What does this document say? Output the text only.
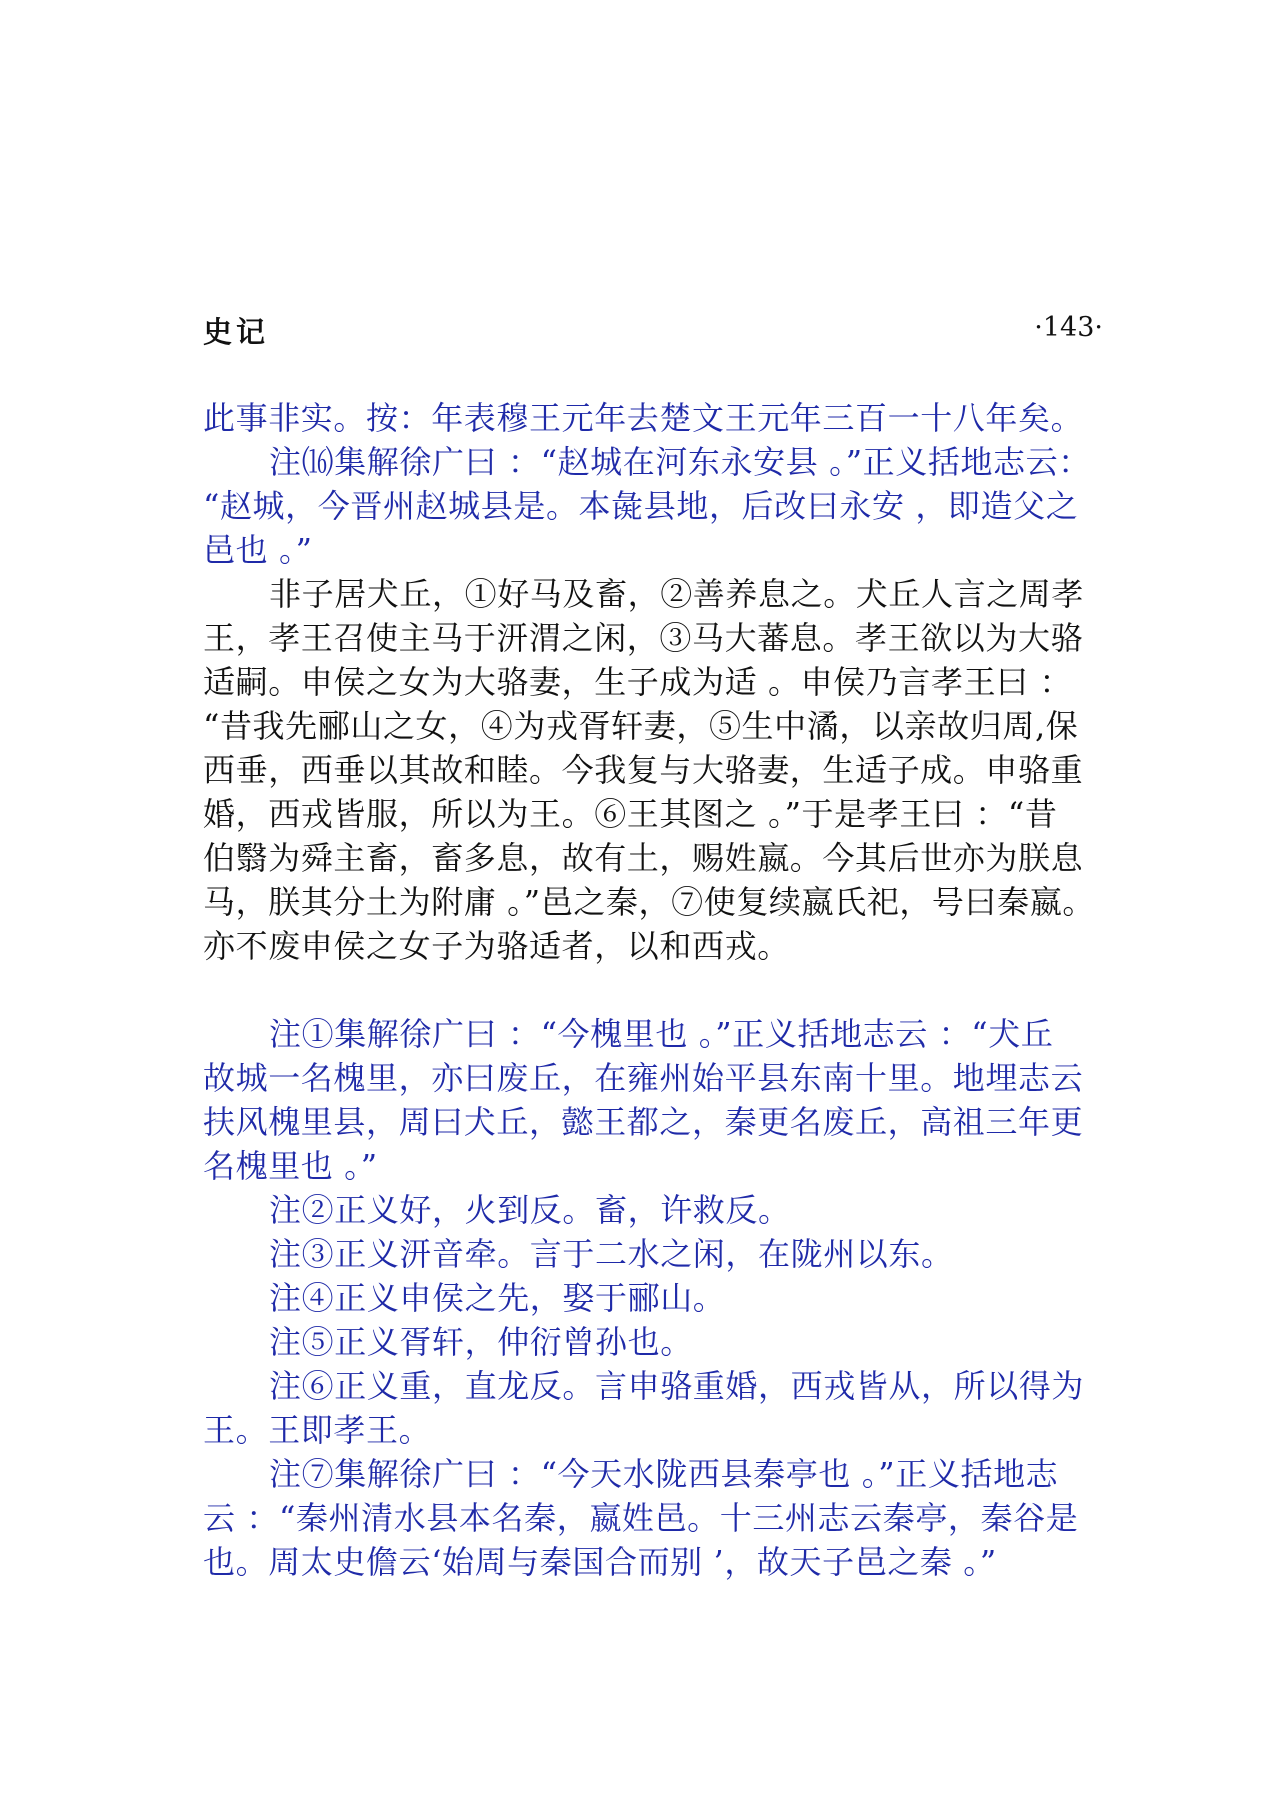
史记	·143·
此事非实。按：年表穆王元年去楚文王元年三百一十八年矣。
注⒃集解徐广曰 ：“赵城在河东永安县 。”正义括地志云：
“赵城，今晋州赵城县是。本彘县地，后改曰永安 ，即造父之
邑也 。”
非子居犬丘，①好马及畜，②善养息之。犬丘人言之周孝
王，孝王召使主马于汧渭之闲，③马大蕃息。孝王欲以为大骆
适嗣。申侯之女为大骆妻，生子成为适 。申侯乃言孝王曰 ：
“昔我先郦山之女，④为戎胥轩妻，⑤生中潏，以亲故归周,保
西垂，西垂以其故和睦。今我复与大骆妻，生适子成。申骆重
婚，西戎皆服，所以为王。⑥王其图之 。”于是孝王曰 ：“昔
伯翳为舜主畜，畜多息，故有土，赐姓嬴。今其后世亦为朕息
马，朕其分土为附庸 。”邑之秦，⑦使复续嬴氏祀，号曰秦嬴。
亦不废申侯之女子为骆适者，以和西戎。
注①集解徐广曰 ：“今槐里也 。”正义括地志云 ：“犬丘
故城一名槐里，亦曰废丘，在雍州始平县东南十里。地埋志云
扶风槐里县，周曰犬丘，懿王都之，秦更名废丘，高祖三年更
名槐里也 。”
注②正义好，火到反。畜，许救反。
注③正义汧音牵。言于二水之闲，在陇州以东。
注④正义申侯之先，娶于郦山。
注⑤正义胥轩，仲衍曾孙也。
注⑥正义重，直龙反。言申骆重婚，西戎皆从，所以得为
王。王即孝王。
注⑦集解徐广曰 ：“今天水陇西县秦亭也 。”正义括地志
云 ：“秦州清水县本名秦，嬴姓邑。十三州志云秦亭，秦谷是
也。周太史儋云‘始周与秦国合而别 ’，故天子邑之秦 。”
